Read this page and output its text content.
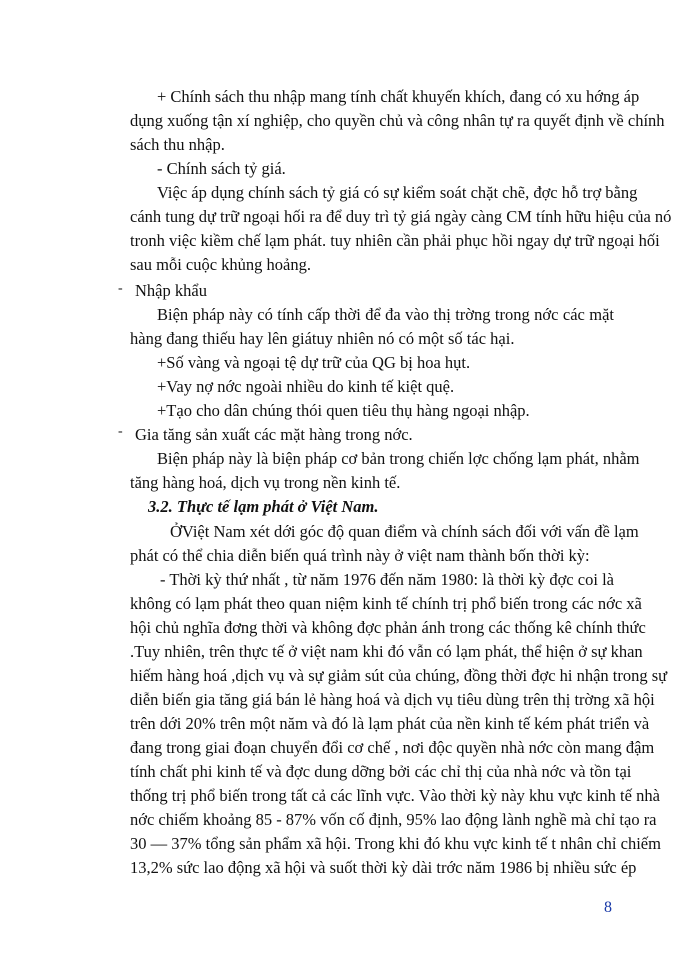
+ Chính sách thu nhập mang tính chất khuyến khích, đang có xu hớng áp
dụng xuống tận xí nghiệp, cho quyền chủ và công nhân tự ra quyết định về chính
sách thu nhập.
- Chính sách tỷ giá.
Việc áp dụng chính sách tỷ giá có sự kiểm soát chặt chẽ, đợc hỗ trợ bằng
cánh tung dự trữ ngoại hối ra để duy trì tỷ giá ngày càng CM tính hữu hiệu của nó
tronh việc kiềm chế lạm phát. tuy nhiên cần phải phục hồi ngay dự trữ ngoại hối
sau mỗi cuộc khủng hoảng.
- Nhập khẩu
Biện pháp này có tính cấp thời để đa vào thị trờng trong nớc các mặt
hàng đang thiếu hay lên giátuy nhiên nó có một số tác hại.
+Số vàng và ngoại tệ dự trữ của QG bị hoa hụt.
+Vay nợ nớc ngoài nhiều do kinh tế kiệt quệ.
+Tạo cho dân chúng thói quen tiêu thụ hàng ngoại nhập.
- Gia tăng sản xuất các mặt hàng trong nớc.
Biện pháp này là biện pháp cơ bản trong chiến lợc chống lạm phát, nhằm
tăng hàng hoá, dịch vụ trong nền kinh tế.
3.2. Thực tế lạm phát ở Việt Nam.
ỞViệt Nam xét dới góc độ quan điểm và chính sách đối với vấn đề lạm
phát có thể chia diễn biến quá trình này ở việt nam thành bốn thời kỳ:
- Thời kỳ thứ nhất , từ năm 1976 đến năm 1980: là thời kỳ đợc coi là
không có lạm phát theo quan niệm kinh tế chính trị phổ biến trong các nớc xã
hội chủ nghĩa đơng thời và không đợc phản ánh trong các thống kê chính thức
.Tuy nhiên, trên thực tế ở việt nam khi đó vẫn có lạm phát, thể hiện ở sự khan
hiếm hàng hoá ,dịch vụ và sự giảm sút của chúng, đồng thời đợc hi nhận trong sự
diễn biến gia tăng giá bán lẻ hàng hoá và dịch vụ tiêu dùng trên thị trờng xã hội
trên dới 20% trên một năm và đó là lạm phát của nền kinh tế kém phát triển và
đang trong giai đoạn chuyển đổi cơ chế , nơi độc quyền nhà nớc còn mang đậm
tính chất phi kinh tế và đợc dung dỡng bởi các chỉ thị của nhà nớc và tồn tại
thống trị phổ biến trong tất cả các lĩnh vực. Vào thời kỳ này khu vực kinh tế nhà
nớc chiếm khoảng 85 - 87% vốn cố định, 95% lao động lành nghề mà chỉ tạo ra
30 — 37% tổng sản phẩm xã hội. Trong khi đó khu vực kinh tế t nhân chỉ chiếm
13,2% sức lao động xã hội và suốt thời kỳ dài trớc năm 1986 bị nhiều sức ép
8
